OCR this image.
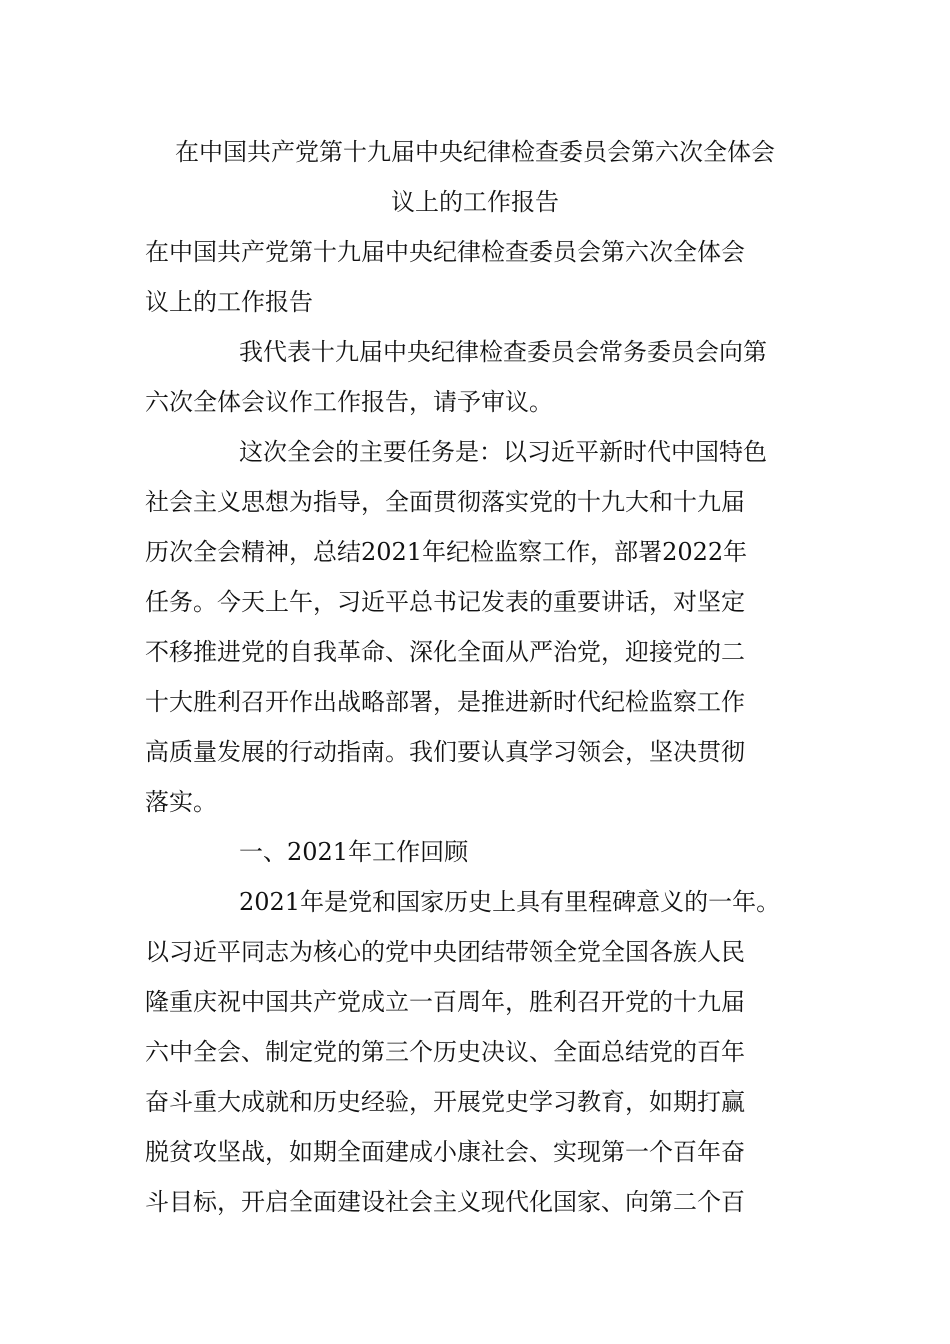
在中国共产党第十九届中央纪律检查委员会第六次全体会
议上的工作报告
在中国共产党第十九届中央纪律检查委员会第六次全体会
议上的工作报告
我代表十九届中央纪律检查委员会常务委员会向第
六次全体会议作工作报告，请予审议。
这次全会的主要任务是：以习近平新时代中国特色
社会主义思想为指导，全面贯彻落实党的十九大和十九届
历次全会精神，总结2021年纪检监察工作，部署2022年
任务。今天上午，习近平总书记发表的重要讲话，对坚定
不移推进党的自我革命、深化全面从严治党，迎接党的二
十大胜利召开作出战略部署，是推进新时代纪检监察工作
高质量发展的行动指南。我们要认真学习领会，坚决贯彻
落实。
一、2021年工作回顾
2021年是党和国家历史上具有里程碑意义的一年。
以习近平同志为核心的党中央团结带领全党全国各族人民
隆重庆祝中国共产党成立一百周年，胜利召开党的十九届
六中全会、制定党的第三个历史决议、全面总结党的百年
奋斗重大成就和历史经验，开展党史学习教育，如期打赢
脱贫攻坚战，如期全面建成小康社会、实现第一个百年奋
斗目标，开启全面建设社会主义现代化国家、向第二个百
